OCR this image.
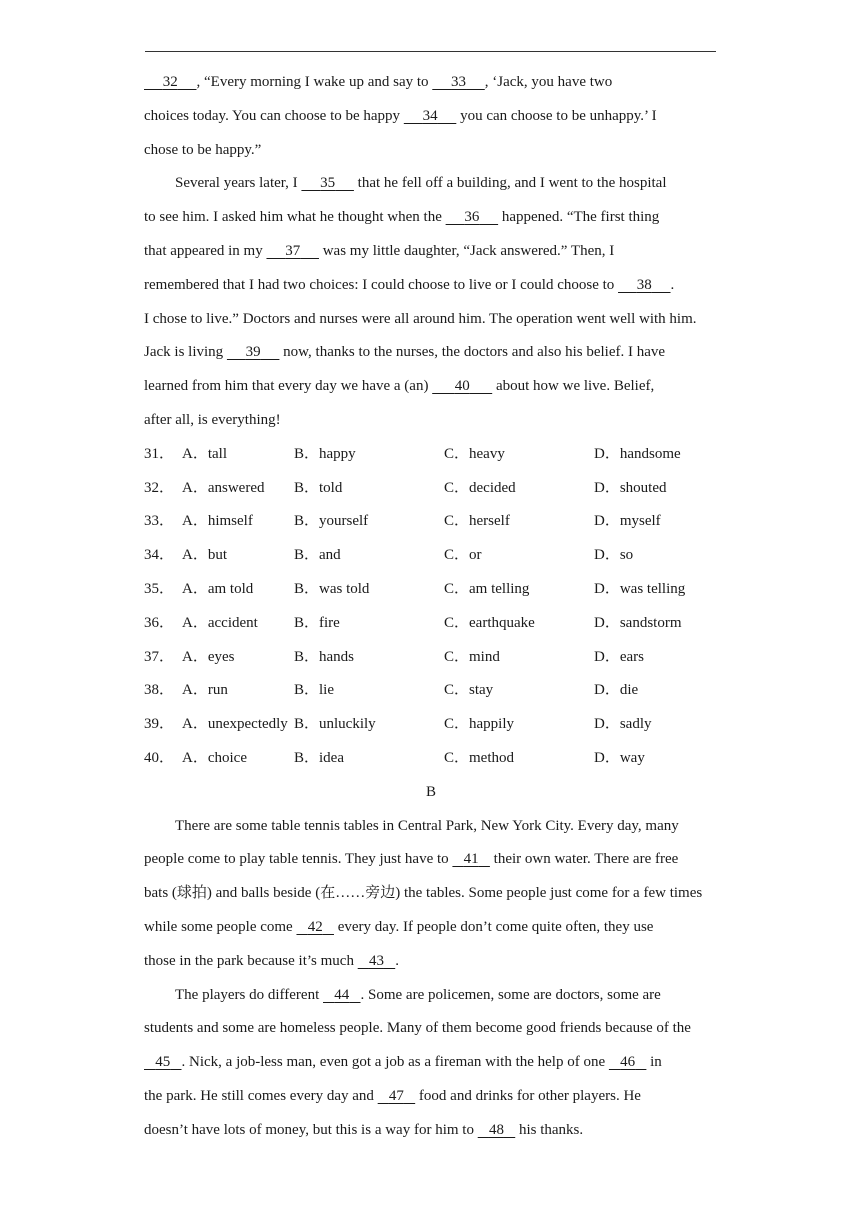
32 , “Every morning I wake up and say to      33 , ‘Jack, you have two
choices today. You can choose to be happy      34      you can choose to be unhappy.’ I
chose to be happy.”
Several years later, I      35      that he fell off a building, and I went to the hospital
to see him. I asked him what he thought when the      36      happened. “The first thing
that appeared in my      37      was my little daughter, “Jack answered.” Then, I
remembered that I had two choices: I could choose to live or I could choose to      38 .
I chose to live.” Doctors and nurses were all around him. The operation went well with him.
Jack is living      39      now, thanks to the nurses, the doctors and also his belief. I have
learned from him that every day we have a (an)       40       about how we live. Belief,
after all, is everything!
31． A．tall	B．happy	C．heavy	D．handsome
32． A．answered	B．told	C．decided	D．shouted
33． A．himself	B．yourself	C．herself	D．myself
34． A．but	B．and	C．or	D．so
35． A．am told	B．was told	C．am telling	D．was telling
36． A．accident	B．fire	C．earthquake	D．sandstorm
37． A．eyes	B．hands	C．mind	D．ears
38． A．run	B．lie	C．stay	D．die
39． A．unexpectedly B．unluckily	C．happily	D．sadly
40． A．choice	B．idea	C．method	D．way
B
There are some table tennis tables in Central Park, New York City. Every day, many
people come to play table tennis. They just have to    41    their own water. There are free
bats (球拍) and balls beside (在……旁边) the tables. Some people just come for a few times
while some people come    42    every day. If people don’t come quite often, they use
those in the park because it’s much    43 .
The players do different    44 . Some are policemen, some are doctors, some are
students and some are homeless people. Many of them become good friends because of the
45 . Nick, a job-less man, even got a job as a fireman with the help of one    46    in
the park. He still comes every day and    47    food and drinks for other players. He
doesn’t have lots of money, but this is a way for him to    48    his thanks.
